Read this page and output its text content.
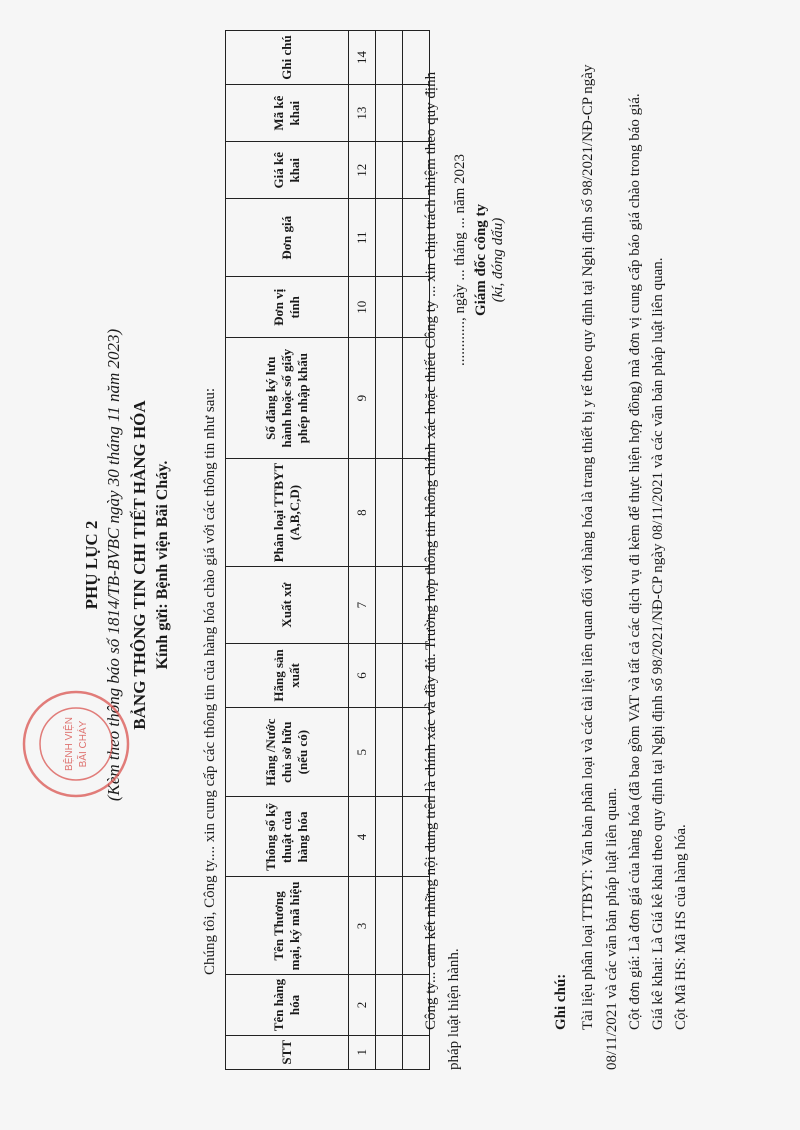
PHỤ LỤC 2 (Kèm theo thông báo số 1814/TB-BVBC ngày 30 tháng 11 năm 2023) BẢNG THÔNG TIN CHI TIẾT HÀNG HÓA Kính gửi: Bệnh viện Bãi Cháy.
BỆNH VIỆN BÃI CHÁY	Chúng tôi, Công ty.... xin cung cấp các thông tin của hàng hóa chào giá với các thông tin như sau:
STT	Tên hàng hóa	Tên Thương mại, ký mã hiệu	Thông số kỹ thuật của hàng hóa	Hãng /Nước chủ sở hữu (nếu có)	Hãng sản xuất	Xuất xứ	Phân loại TTBYT (A,B,C,D)	Số đăng ký lưu hành hoặc số giấy phép nhập khẩu	Đơn vị tính	Đơn giá	Giá kê khai	Mã kê khai	Ghi chú
1	2	3	4	5	6	7	8	9	10	11	12	13	14

Công ty... cam kết những nội dung trên là chính xác và đầy đủ. Trường hợp thông tin không chính xác hoặc thiếu Công ty ... xin chịu trách nhiệm theo quy định pháp luật hiện hành.
............, ngày ... tháng ... năm 2023 Giám đốc công ty (kí, đóng dấu)
Ghi chú: Tài liệu phân loại TTBYT: Văn bản phân loại và các tài liệu liên quan đối với hàng hóa là trang thiết bị y tế theo quy định tại Nghị định số 98/2021/NĐ-CP ngày 08/11/2021 và các văn bản pháp luật liên quan. Cột đơn giá: Là đơn giá của hàng hóa (đã bao gồm VAT và tất cả các dịch vụ đi kèm để thực hiện hợp đồng) mà đơn vị cung cấp báo giá chào trong báo giá. Giá kê khai: Là Giá kê khai theo quy định tại Nghị định số 98/2021/NĐ-CP ngày 08/11/2021 và các văn bản pháp luật liên quan. Cột Mã HS: Mã HS của hàng hóa.
